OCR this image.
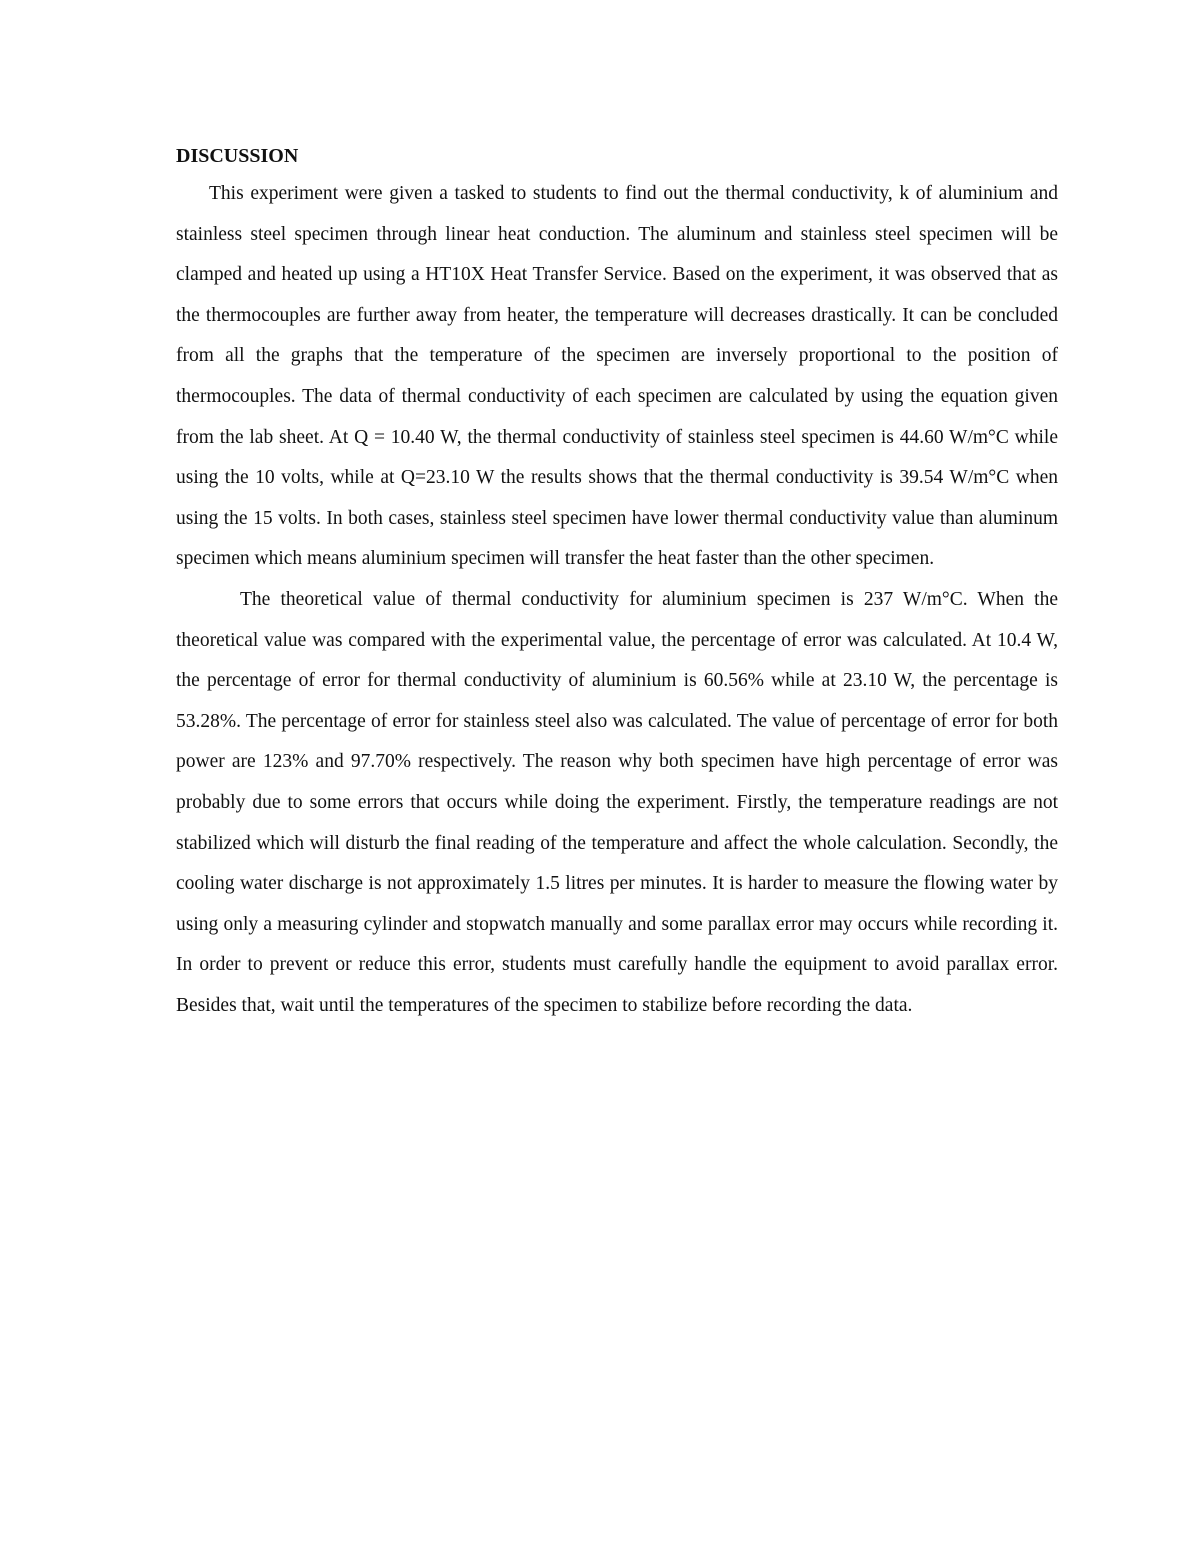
DISCUSSION

This experiment were given a tasked to students to find out the thermal conductivity, k of aluminium and stainless steel specimen through linear heat conduction. The aluminum and stainless steel specimen will be clamped and heated up using a HT10X Heat Transfer Service. Based on the experiment, it was observed that as the thermocouples are further away from heater, the temperature will decreases drastically. It can be concluded from all the graphs that the temperature of the specimen are inversely proportional to the position of thermocouples. The data of thermal conductivity of each specimen are calculated by using the equation given from the lab sheet. At Q = 10.40 W, the thermal conductivity of stainless steel specimen is 44.60 W/m°C while using the 10 volts, while at Q=23.10 W the results shows that the thermal conductivity is 39.54 W/m°C when using the 15 volts. In both cases, stainless steel specimen have lower thermal conductivity value than aluminum specimen which means aluminium specimen will transfer the heat faster than the other specimen.

The theoretical value of thermal conductivity for aluminium specimen is 237 W/m°C. When the theoretical value was compared with the experimental value, the percentage of error was calculated. At 10.4 W, the percentage of error for thermal conductivity of aluminium is 60.56% while at 23.10 W, the percentage is 53.28%. The percentage of error for stainless steel also was calculated. The value of percentage of error for both power are 123% and 97.70% respectively. The reason why both specimen have high percentage of error was probably due to some errors that occurs while doing the experiment. Firstly, the temperature readings are not stabilized which will disturb the final reading of the temperature and affect the whole calculation. Secondly, the cooling water discharge is not approximately 1.5 litres per minutes. It is harder to measure the flowing water by using only a measuring cylinder and stopwatch manually and some parallax error may occurs while recording it. In order to prevent or reduce this error, students must carefully handle the equipment to avoid parallax error. Besides that, wait until the temperatures of the specimen to stabilize before recording the data.
